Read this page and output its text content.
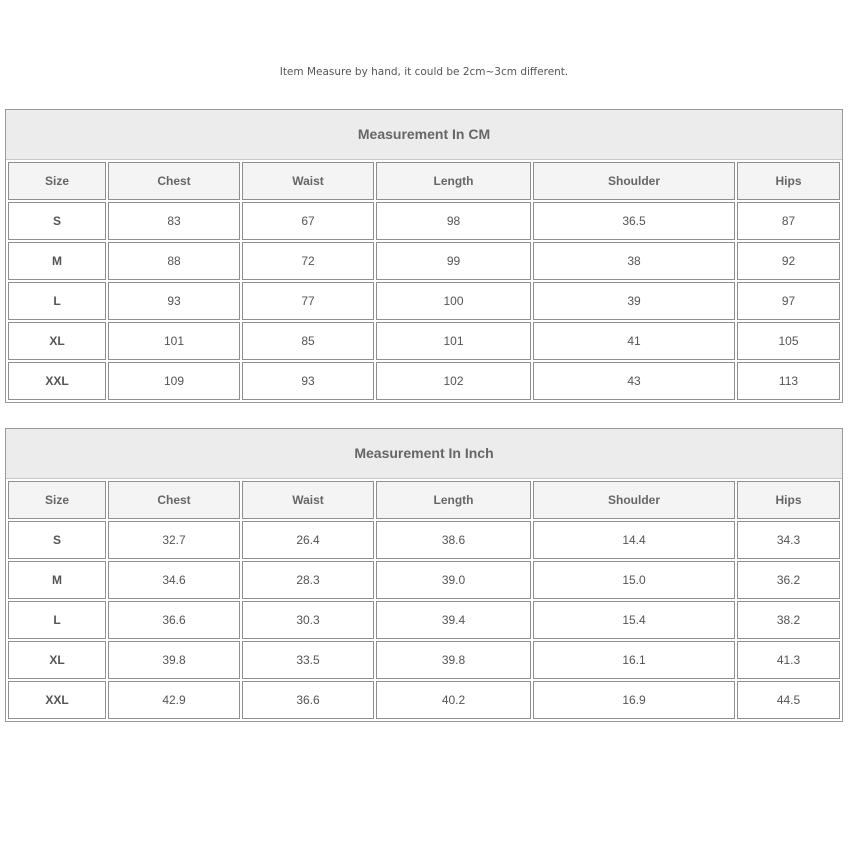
Item Measure by hand, it could be 2cm~3cm different.
Measurement In CM
Size	Chest	Waist	Length	Shoulder	Hips
S	83	67	98	36.5	87
M	88	72	99	38	92
L	93	77	100	39	97
XL	101	85	101	41	105
XXL	109	93	102	43	113
Measurement In Inch
Size	Chest	Waist	Length	Shoulder	Hips
S	32.7	26.4	38.6	14.4	34.3
M	34.6	28.3	39.0	15.0	36.2
L	36.6	30.3	39.4	15.4	38.2
XL	39.8	33.5	39.8	16.1	41.3
XXL	42.9	36.6	40.2	16.9	44.5
